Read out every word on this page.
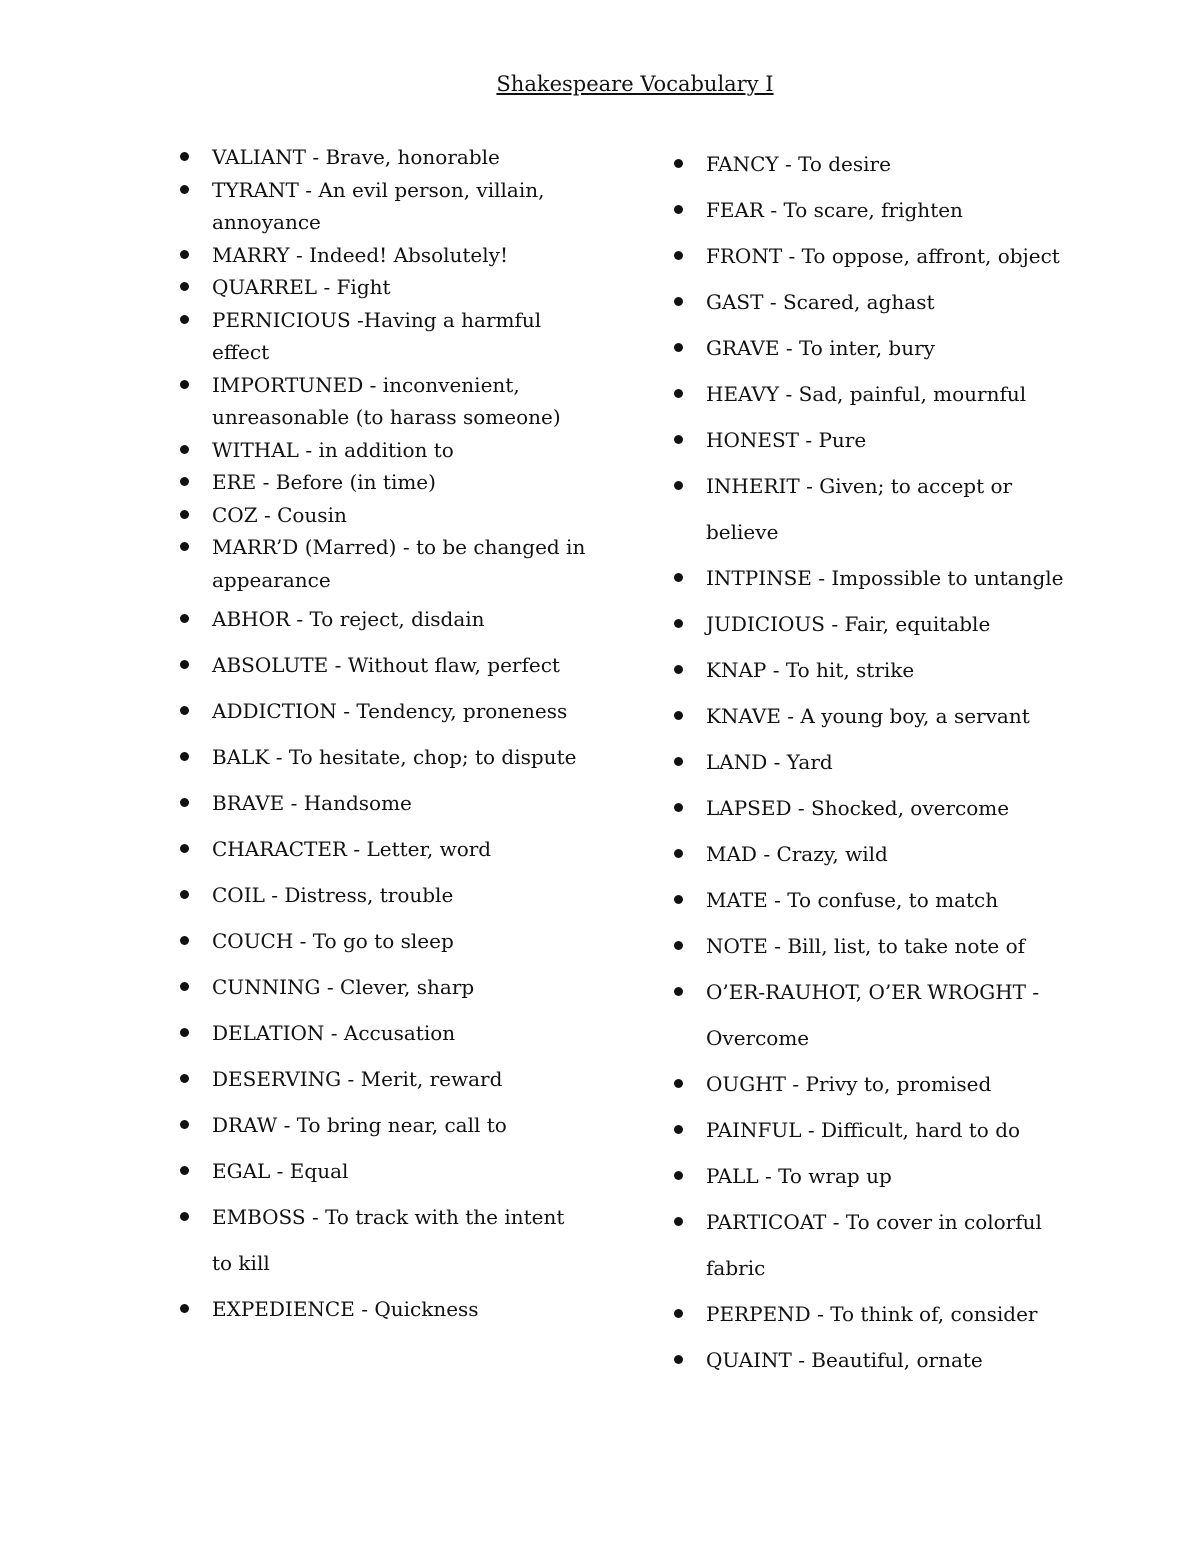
Shakespeare Vocabulary I
VALIANT - Brave, honorable
TYRANT - An evil person, villain, annoyance
MARRY - Indeed! Absolutely!
QUARREL - Fight
PERNICIOUS -Having a harmful effect
IMPORTUNED - inconvenient, unreasonable (to harass someone)
WITHAL - in addition to
ERE - Before (in time)
COZ - Cousin
MARR’D (Marred) - to be changed in appearance
ABHOR - To reject, disdain
ABSOLUTE - Without flaw, perfect
ADDICTION - Tendency, proneness
BALK - To hesitate, chop; to dispute
BRAVE - Handsome
CHARACTER - Letter, word
COIL - Distress, trouble
COUCH - To go to sleep
CUNNING - Clever, sharp
DELATION - Accusation
DESERVING - Merit, reward
DRAW - To bring near, call to
EGAL - Equal
EMBOSS - To track with the intent to kill
EXPEDIENCE - Quickness
FANCY - To desire
FEAR - To scare, frighten
FRONT - To oppose, affront, object
GAST - Scared, aghast
GRAVE - To inter, bury
HEAVY - Sad, painful, mournful
HONEST - Pure
INHERIT - Given; to accept or believe
INTPINSE - Impossible to untangle
JUDICIOUS - Fair, equitable
KNAP - To hit, strike
KNAVE - A young boy, a servant
LAND - Yard
LAPSED - Shocked, overcome
MAD - Crazy, wild
MATE - To confuse, to match
NOTE - Bill, list, to take note of
O’ER-RAUHOT, O’ER WROGHT - Overcome
OUGHT - Privy to, promised
PAINFUL - Difficult, hard to do
PALL - To wrap up
PARTICOAT - To cover in colorful fabric
PERPEND - To think of, consider
QUAINT - Beautiful, ornate
